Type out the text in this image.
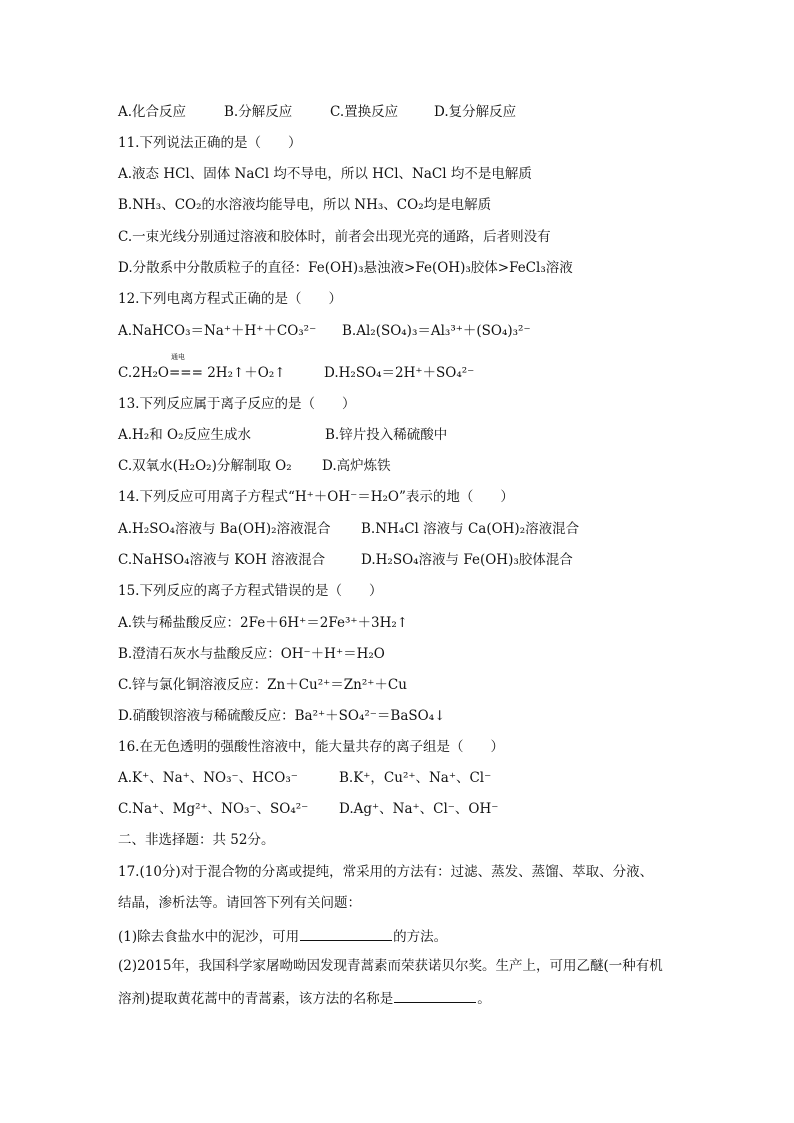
A.化合反应	B.分解反应	C.置换反应	D.复分解反应
11.下列说法正确的是（　　）
A.液态 HCl、固体 NaCl 均不导电，所以 HCl、NaCl 均不是电解质
B.NH₃、CO₂的水溶液均能导电，所以 NH₃、CO₂均是电解质
C.一束光线分别通过溶液和胶体时，前者会出现光亮的通路，后者则没有
D.分散系中分散质粒子的直径：Fe(OH)₃悬浊液>Fe(OH)₃胶体>FeCl₃溶液
12.下列电离方程式正确的是（　　）
A.NaHCO₃＝Na⁺＋H⁺＋CO₃²⁻ B.Al₂(SO₄)₃＝Al₃³⁺＋(SO₄)₃²⁻
C.2H₂O
通电
=== 2H₂↑＋O₂↑	D.H₂SO₄＝2H⁺＋SO₄²⁻
13.下列反应属于离子反应的是（　　）
A.H₂和 O₂反应生成水	B.锌片投入稀硫酸中
C.双氧水(H₂O₂)分解制取 O₂ D.高炉炼铁
14.下列反应可用离子方程式“H⁺＋OH⁻＝H₂O”表示的地（　　）
A.H₂SO₄溶液与 Ba(OH)₂溶液混合 B.NH₄Cl 溶液与 Ca(OH)₂溶液混合
C.NaHSO₄溶液与 KOH 溶液混合	D.H₂SO₄溶液与 Fe(OH)₃胶体混合
15.下列反应的离子方程式错误的是（　　）
A.铁与稀盐酸反应：2Fe＋6H⁺＝2Fe³⁺＋3H₂↑
B.澄清石灰水与盐酸反应：OH⁻＋H⁺＝H₂O
C.锌与氯化铜溶液反应：Zn＋Cu²⁺＝Zn²⁺＋Cu
D.硝酸钡溶液与稀硫酸反应：Ba²⁺＋SO₄²⁻＝BaSO₄↓
16.在无色透明的强酸性溶液中，能大量共存的离子组是（　　）
A.K⁺、Na⁺、NO₃⁻、HCO₃⁻	B.K⁺，Cu²⁺、Na⁺、Cl⁻
C.Na⁺、Mg²⁺、NO₃⁻、SO₄²⁻ D.Ag⁺、Na⁺、Cl⁻、OH⁻
二、非选择题：共 52分。
17.(10分)对于混合物的分离或提纯，常采用的方法有：过滤、蒸发、蒸馏、萃取、分液、
结晶，渗析法等。请回答下列有关问题：
(1)除去食盐水中的泥沙，可用	的方法。
(2)2015年，我国科学家屠呦呦因发现青蒿素而荣获诺贝尔奖。生产上，可用乙醚(一种有机
溶剂)提取黄花蒿中的青蒿素，该方法的名称是	。
